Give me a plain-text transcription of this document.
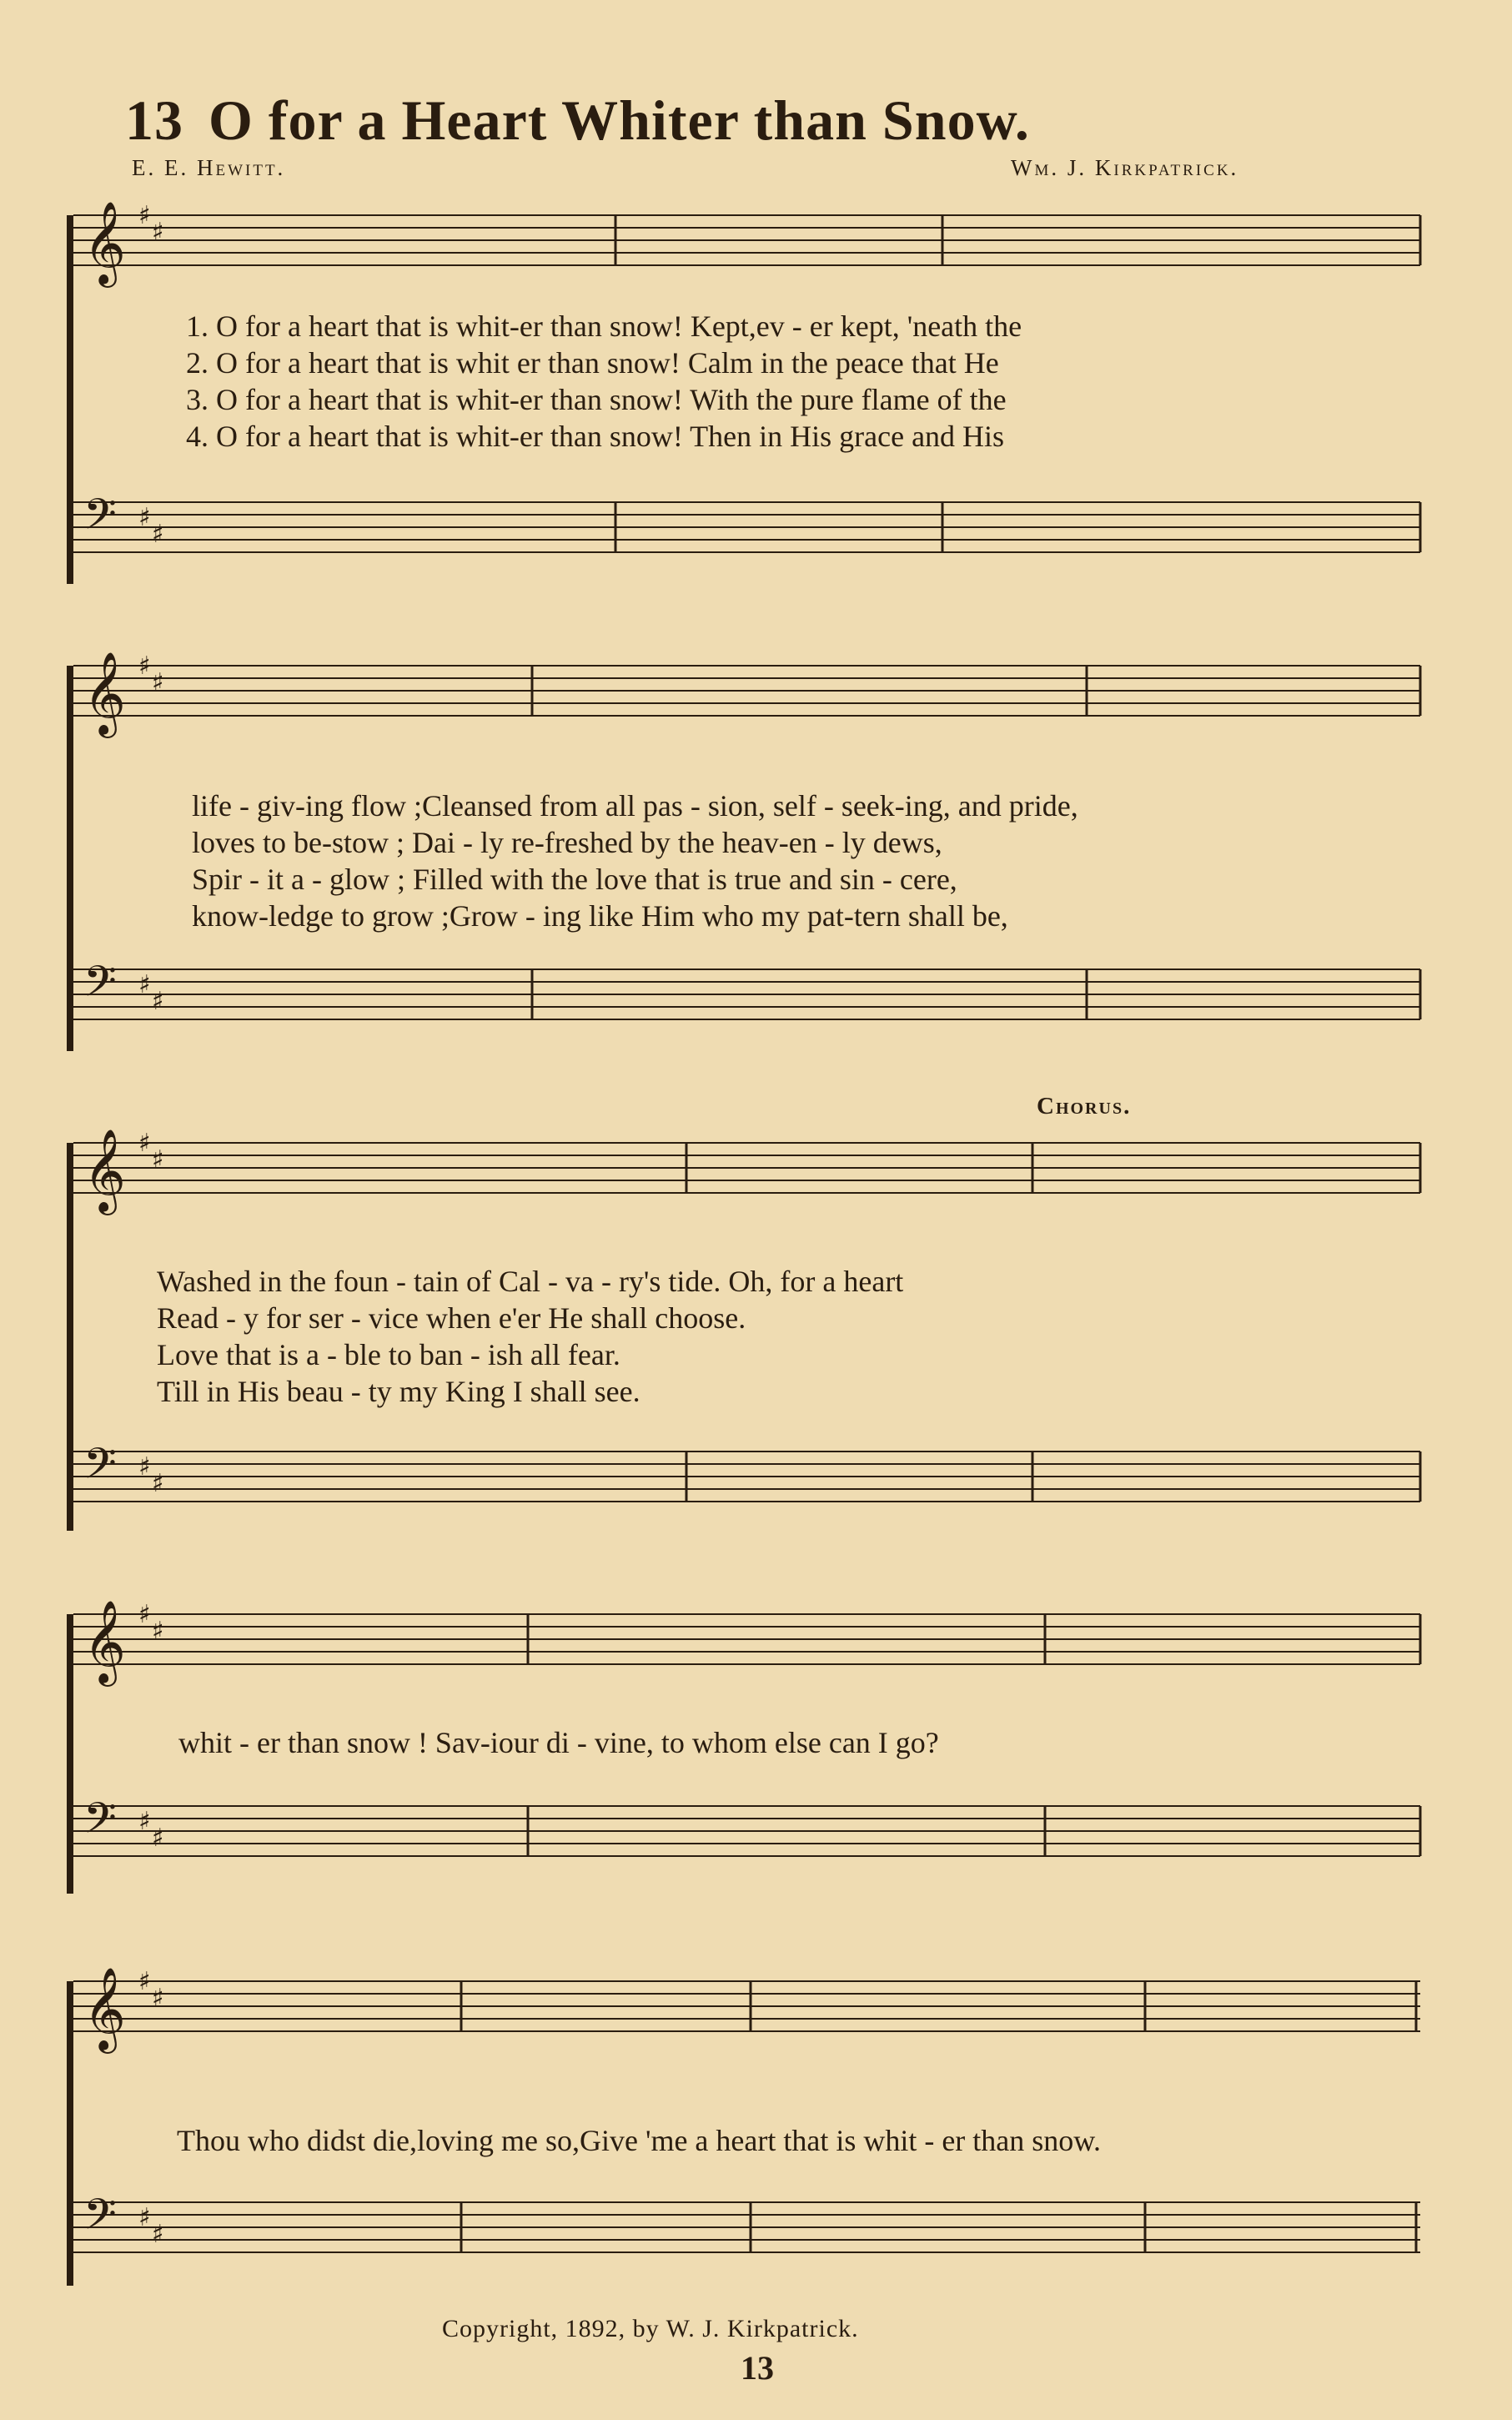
13 O for a Heart Whiter than Snow.
E. E. Hewitt.	Wm. J. Kirkpatrick.
𝄞 ♯
♯
𝄢 ♯
♯
1. O for a heart that is whit-er than snow! Kept,ev - er kept, 'neath the
2. O for a heart that is whit er than snow! Calm in the peace that He
3. O for a heart that is whit-er than snow! With the pure flame of the
4. O for a heart that is whit-er than snow! Then in His grace and His
𝄞 ♯
♯
𝄢 ♯
♯
life - giv-ing flow ;Cleansed from all pas - sion, self - seek-ing, and pride,
loves to be-stow ; Dai - ly re-freshed by the heav-en - ly dews,
Spir - it a - glow ; Filled with the love that is true and sin - cere,
know-ledge to grow ;Grow - ing like Him who my pat-tern shall be,
𝄞 ♯
♯
𝄢 ♯
♯
Chorus.
Washed in the foun - tain of Cal - va - ry's tide. Oh, for a heart
Read - y for ser - vice when e'er He shall choose.
Love that is a - ble to ban - ish all fear.
Till in His beau - ty my King I shall see.
𝄞 ♯
♯
𝄢 ♯
♯
whit - er than snow ! Sav-iour di - vine, to whom else can I go?
𝄞 ♯
♯
𝄢 ♯
♯
Thou who didst die,loving me so,Give 'me a heart that is whit - er than snow.
Copyright, 1892, by W. J. Kirkpatrick.
13
